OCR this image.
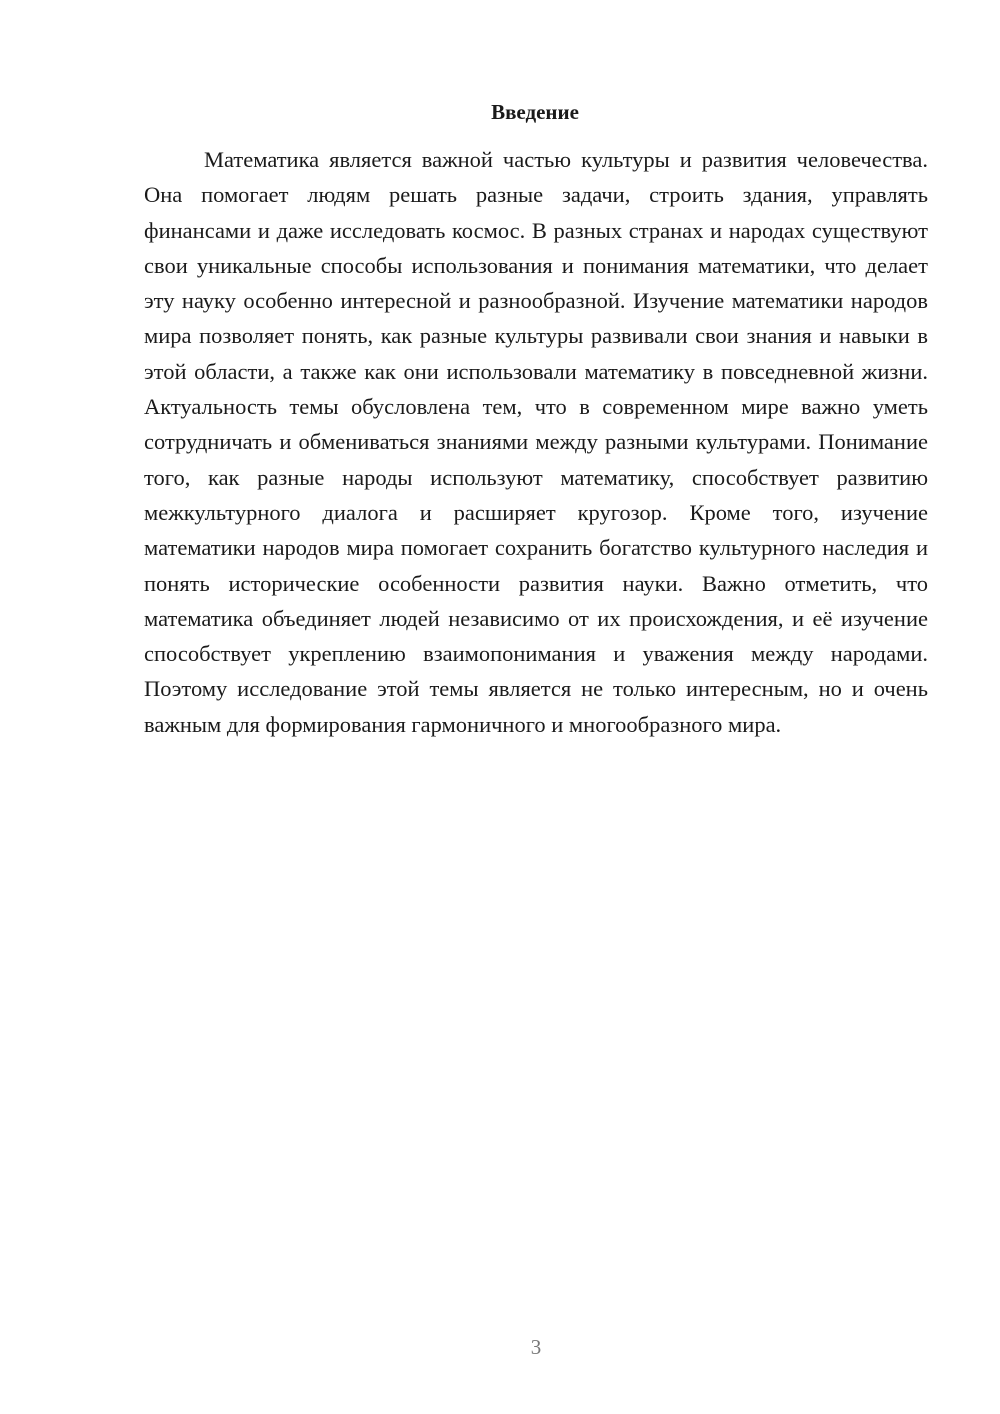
Введение

Математика является важной частью культуры и развития человечества. Она помогает людям решать разные задачи, строить здания, управлять финансами и даже исследовать космос. В разных странах и народах существуют свои уникальные способы использования и понимания математики, что делает эту науку особенно интересной и разнообразной. Изучение математики народов мира позволяет понять, как разные культуры развивали свои знания и навыки в этой области, а также как они использовали математику в повседневной жизни. Актуальность темы обусловлена тем, что в современном мире важно уметь сотрудничать и обмениваться знаниями между разными культурами. Понимание того, как разные народы используют математику, способствует развитию межкультурного диалога и расширяет кругозор. Кроме того, изучение математики народов мира помогает сохранить богатство культурного наследия и понять исторические особенности развития науки. Важно отметить, что математика объединяет людей независимо от их происхождения, и её изучение способствует укреплению взаимопонимания и уважения между народами. Поэтому исследование этой темы является не только интересным, но и очень важным для формирования гармоничного и многообразного мира.

3
